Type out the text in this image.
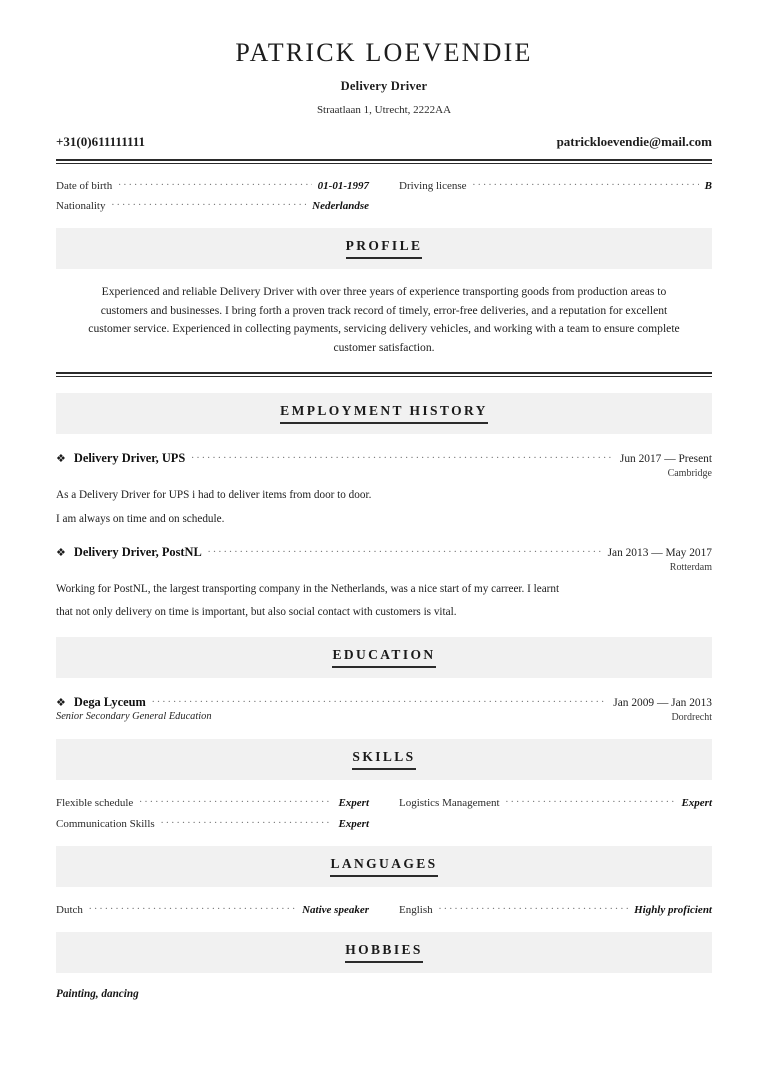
PATRICK LOEVENDIE
Delivery Driver
Straatlaan 1, Utrecht, 2222AA
+31(0)611111111	patrickloevendie@mail.com
Date of birth .....	01-01-1997	Driving license .....	B
Nationality .....	Nederlandse
PROFILE
Experienced and reliable Delivery Driver with over three years of experience transporting goods from production areas to customers and businesses. I bring forth a proven track record of timely, error-free deliveries, and a reputation for excellent customer service. Experienced in collecting payments, servicing delivery vehicles, and working with a team to ensure complete customer satisfaction.
EMPLOYMENT HISTORY
❖ Delivery Driver, UPS .....	Jun 2017 — Present
Cambridge

As a Delivery Driver for UPS i had to deliver items from door to door.

I am always on time and on schedule.

❖ Delivery Driver, PostNL .....	Jan 2013 — May 2017
Rotterdam

Working for PostNL, the largest transporting company in the Netherlands, was a nice start of my carreer. I learnt

that not only delivery on time is important, but also social contact with customers is vital.

EDUCATION
❖ Dega Lyceum .....	Jan 2009 — Jan 2013
Senior Secondary General Education	Dordrecht
SKILLS
Flexible schedule .....	Expert	Logistics Management .....	Expert
Communication Skills .....	Expert
LANGUAGES
Dutch .....	Native speaker	English .....	Highly proficient
HOBBIES
Painting, dancing
